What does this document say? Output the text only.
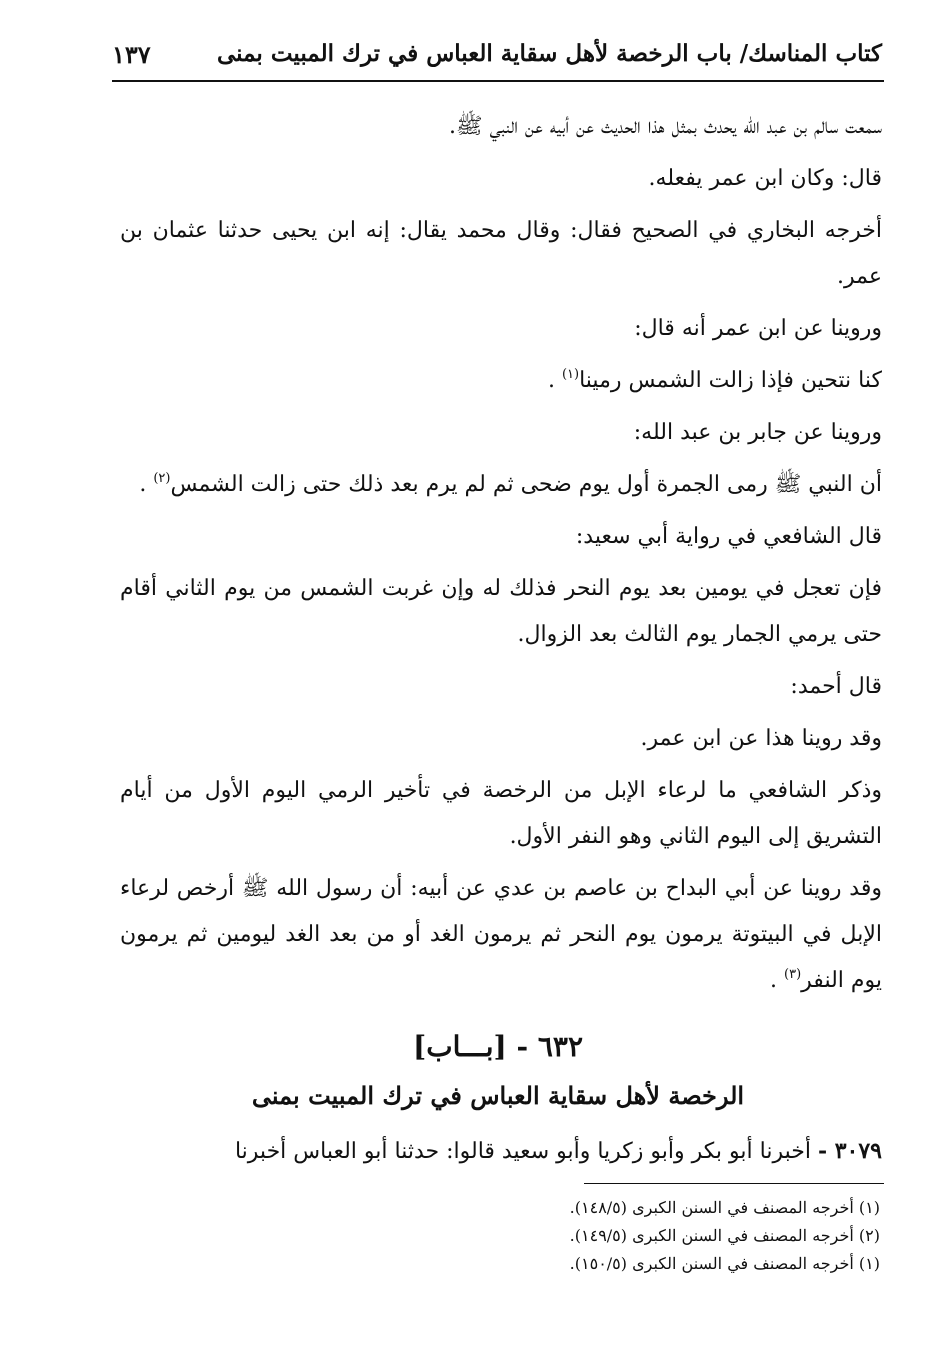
كتاب المناسك/ باب الرخصة لأهل سقاية العباس في ترك المبيت بمنى
١٣٧

سمعت سالم بن عبد الله يحدث بمثل هذا الحديث عن أبيه عن النبي ﷺ.

قال: وكان ابن عمر يفعله.

أخرجه البخاري في الصحيح فقال: وقال محمد يقال: إنه ابن يحيى حدثنا عثمان بن عمر.

وروينا عن ابن عمر أنه قال:

كنا نتحين فإذا زالت الشمس رمينا$^{(١)}$ .

وروينا عن جابر بن عبد الله:

أن النبي ﷺ رمى الجمرة أول يوم ضحى ثم لم يرم بعد ذلك حتى زالت الشمس$^{(٢)}$ .

قال الشافعي في رواية أبي سعيد:

فإن تعجل في يومين بعد يوم النحر فذلك له وإن غربت الشمس من يوم الثاني أقام حتى يرمي الجمار يوم الثالث بعد الزوال.

قال أحمد:

وقد روينا هذا عن ابن عمر.

وذكر الشافعي ما لرعاء الإبل من الرخصة في تأخير الرمي اليوم الأول من أيام التشريق إلى اليوم الثاني وهو النفر الأول.

وقد روينا عن أبي البداح بن عاصم بن عدي عن أبيه: أن رسول الله ﷺ أرخص لرعاء الإبل في البيتوتة يرمون يوم النحر ثم يرمون الغد أو من بعد الغد ليومين ثم يرمون يوم النفر$^{(٣)}$ .

٦٣٢ - [بـــاب]
الرخصة لأهل سقاية العباس في ترك المبيت بمنى
٣٠٧٩ - أخبرنا أبو بكر وأبو زكريا وأبو سعيد قالوا: حدثنا أبو العباس أخبرنا
(١) أخرجه المصنف في السنن الكبرى (١٤٨/٥).
(٢) أخرجه المصنف في السنن الكبرى (١٤٩/٥).
(١) أخرجه المصنف في السنن الكبرى (١٥٠/٥).
